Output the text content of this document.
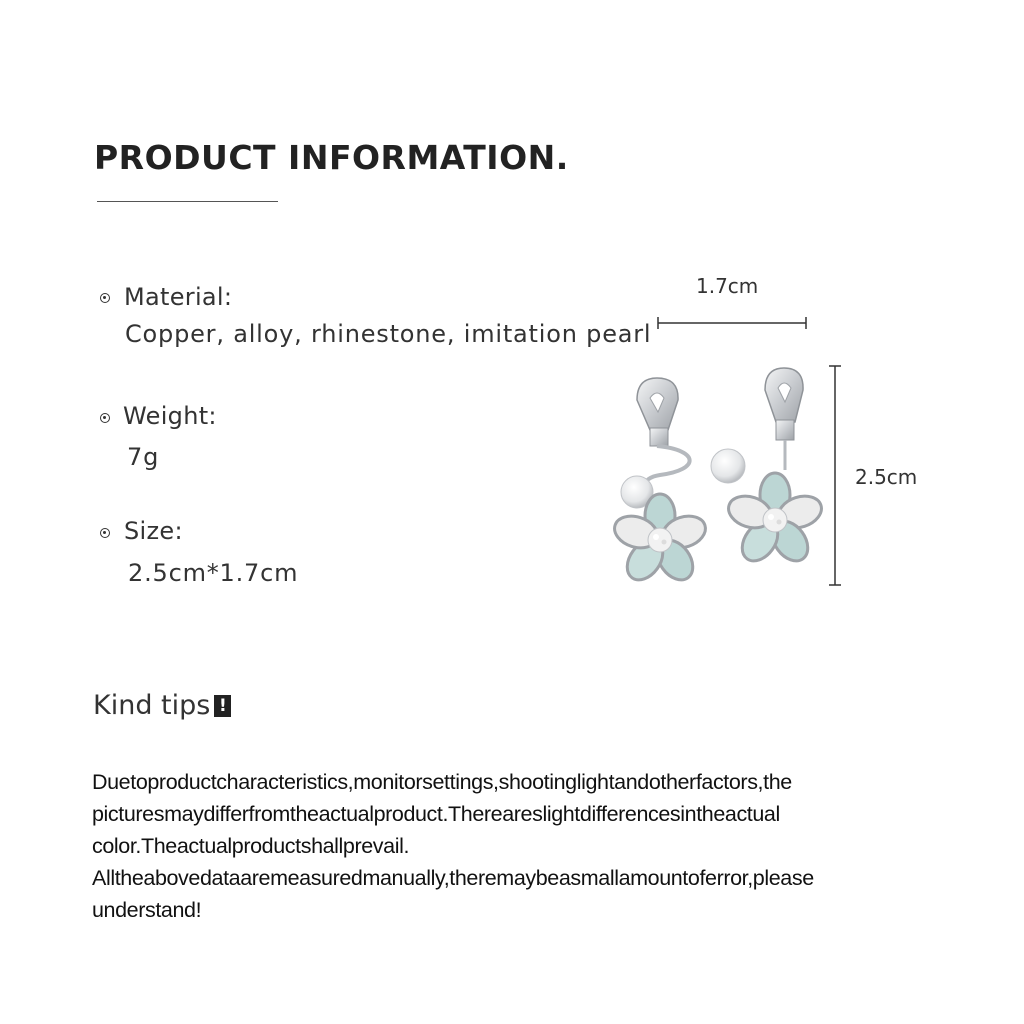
PRODUCT INFORMATION.
Material:
Copper, alloy, rhinestone, imitation pearl
Weight:
7g
Size:
2.5cm*1.7cm
1.7cm
2.5cm
Kind tips !
Duetoproductcharacteristics,monitorsettings,shootinglightandotherfactors,the
picturesmaydifferfromtheactualproduct.Thereareslightdifferencesintheactual
color.Theactualproductshallprevail.
Alltheabovedataaremeasuredmanually,theremaybeasmallamountoferror,please
understand!
